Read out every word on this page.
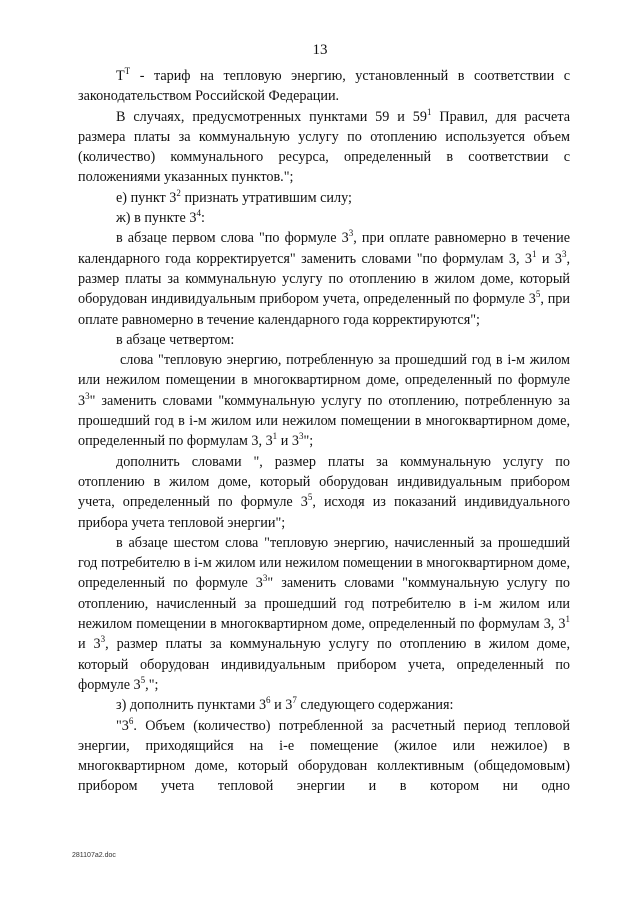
13

$Т^Т$ - тариф на тепловую энергию, установленный в соответствии с законодательством Российской Федерации.

В случаях, предусмотренных пунктами 59 и $59^1$ Правил, для расчета размера платы за коммунальную услугу по отоплению используется объем (количество) коммунального ресурса, определенный в соответствии с положениями указанных пунктов.";

е) пункт $3^2$ признать утратившим силу;

ж) в пункте $3^4$:

в абзаце первом слова "по формуле $3^3$, при оплате равномерно в течение календарного года корректируется" заменить словами "по формулам 3, $3^1$ и $3^3$, размер платы за коммунальную услугу по отоплению в жилом доме, который оборудован индивидуальным прибором учета, определенный по формуле $3^5$, при оплате равномерно в течение календарного года корректируются";

в абзаце четвертом:

слова "тепловую энергию, потребленную за прошедший год в i-м жилом или нежилом помещении в многоквартирном доме, определенный по формуле $3^3$" заменить словами "коммунальную услугу по отоплению, потребленную за прошедший год в i-м жилом или нежилом помещении в многоквартирном доме, определенный по формулам 3, $3^1$ и $3^3$";

дополнить словами ", размер платы за коммунальную услугу по отоплению в жилом доме, который оборудован индивидуальным прибором учета, определенный по формуле $3^5$, исходя из показаний индивидуального прибора учета тепловой энергии";

в абзаце шестом слова "тепловую энергию, начисленный за прошедший год потребителю в i-м жилом или нежилом помещении в многоквартирном доме, определенный по формуле $3^3$" заменить словами "коммунальную услугу по отоплению, начисленный за прошедший год потребителю в i-м жилом или нежилом помещении в многоквартирном доме, определенный по формулам 3, $3^1$ и $3^3$, размер платы за коммунальную услугу по отоплению в жилом доме, который оборудован индивидуальным прибором учета, определенный по формуле $3^5$,";

з) дополнить пунктами $3^6$ и $3^7$ следующего содержания:

"$3^6$. Объем (количество) потребленной за расчетный период тепловой энергии, приходящийся на i-е помещение (жилое или нежилое) в многоквартирном доме, который оборудован коллективным (общедомовым) прибором учета тепловой энергии и в котором ни одно

281107a2.doc
